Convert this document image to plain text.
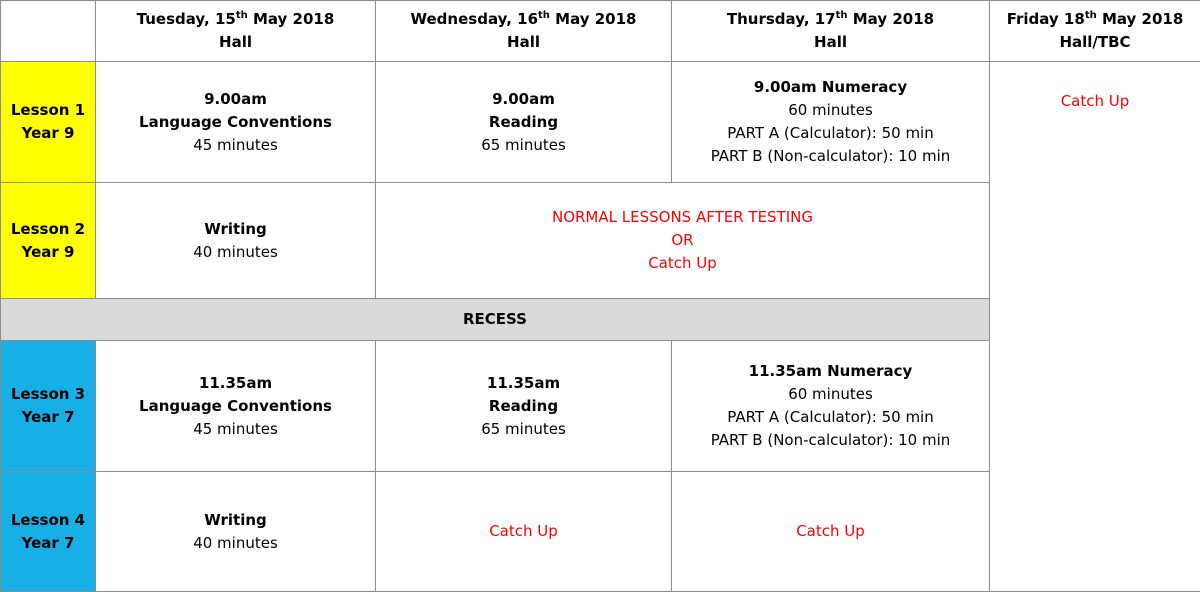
	Tuesday, 15th May 2018
Hall	Wednesday, 16th May 2018
Hall	Thursday, 17th May 2018
Hall	Friday 18th May 2018
Hall/TBC

Lesson 1
Year 9	9.00am
Language Conventions
45 minutes	9.00am
Reading
65 minutes	9.00am Numeracy
60 minutes
PART A (Calculator): 50 min
PART B (Non-calculator): 10 min	Catch Up

Lesson 2
Year 9	Writing
40 minutes	NORMAL LESSONS AFTER TESTING
OR
Catch Up		

RECESS				

Lesson 3
Year 7	11.35am
Language Conventions
45 minutes	11.35am
Reading
65 minutes	11.35am Numeracy
60 minutes
PART A (Calculator): 50 min
PART B (Non-calculator): 10 min	

Lesson 4
Year 7	Writing
40 minutes	Catch Up	Catch Up	
